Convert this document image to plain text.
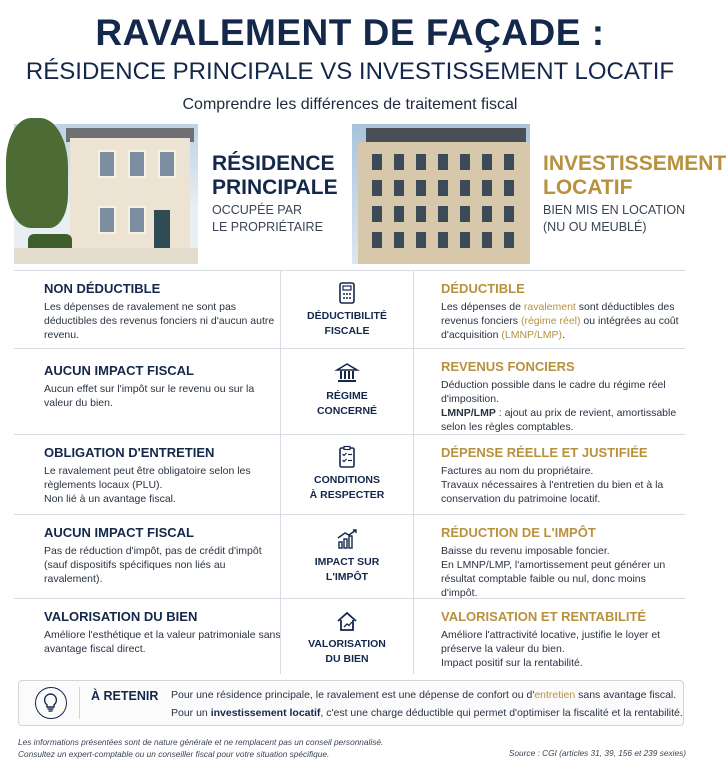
RAVALEMENT DE FAÇADE :
RÉSIDENCE PRINCIPALE VS INVESTISSEMENT LOCATIF
Comprendre les différences de traitement fiscal
RÉSIDENCE
PRINCIPALE
OCCUPÉE PAR
LE PROPRIÉTAIRE
INVESTISSEMENT
LOCATIF
BIEN MIS EN LOCATION
(NU OU MEUBLÉ)
NON DÉDUCTIBLE
Les dépenses de ravalement ne sont pas déductibles des revenus fonciers ni d'aucun autre revenu.
DÉDUCTIBILITÉ
FISCALE
DÉDUCTIBLE
Les dépenses de ravalement sont déductibles des revenus fonciers (régime réel) ou intégrées au coût d'acquisition (LMNP/LMP).
AUCUN IMPACT FISCAL
Aucun effet sur l'impôt sur le revenu ou sur la valeur du bien.
RÉGIME
CONCERNÉ
REVENUS FONCIERS
Déduction possible dans le cadre du régime réel d'imposition.
LMNP/LMP : ajout au prix de revient, amortissable selon les règles comptables.
OBLIGATION D'ENTRETIEN
Le ravalement peut être obligatoire selon les règlements locaux (PLU).
Non lié à un avantage fiscal.
CONDITIONS
À RESPECTER
DÉPENSE RÉELLE ET JUSTIFIÉE
Factures au nom du propriétaire.
Travaux nécessaires à l'entretien du bien et à la conservation du patrimoine locatif.
AUCUN IMPACT FISCAL
Pas de réduction d'impôt, pas de crédit d'impôt (sauf dispositifs spécifiques non liés au ravalement).
IMPACT SUR
L'IMPÔT
RÉDUCTION DE L'IMPÔT
Baisse du revenu imposable foncier.
En LMNP/LMP, l'amortissement peut générer un résultat comptable faible ou nul, donc moins d'impôt.
VALORISATION DU BIEN
Améliore l'esthétique et la valeur patrimoniale sans avantage fiscal direct.	VALORISATION
DU BIEN
VALORISATION ET RENTABILITÉ
Améliore l'attractivité locative, justifie le loyer et préserve la valeur du bien.
Impact positif sur la rentabilité.
À RETENIR Pour une résidence principale, le ravalement est une dépense de confort ou d'entretien sans avantage fiscal.
Pour un investissement locatif, c'est une charge déductible qui permet d'optimiser la fiscalité et la rentabilité.
Les informations présentées sont de nature générale et ne remplacent pas un conseil personnalisé.
Consultez un expert-comptable ou un conseiller fiscal pour votre situation spécifique.	Source : CGI (articles 31, 39, 156 et 239 sexies)
